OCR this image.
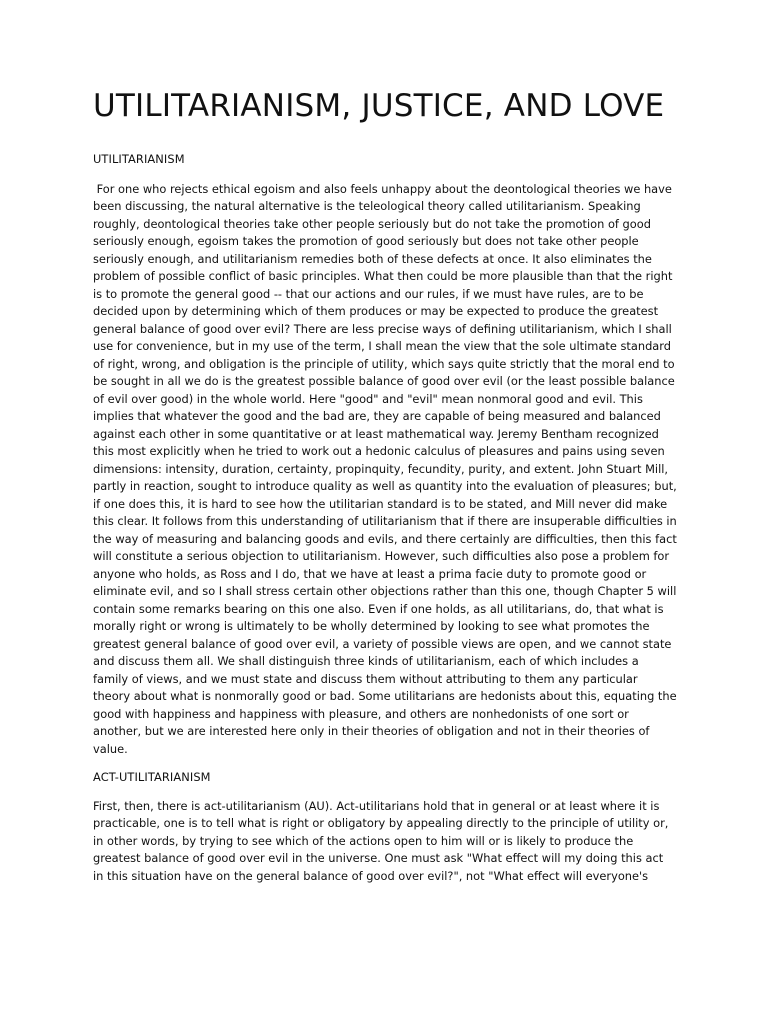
UTILITARIANISM, JUSTICE, AND LOVE
UTILITARIANISM

For one who rejects ethical egoism and also feels unhappy about the deontological theories we have been discussing, the natural alternative is the teleological theory called utilitarianism. Speaking roughly, deontological theories take other people seriously but do not take the promotion of good seriously enough, egoism takes the promotion of good seriously but does not take other people seriously enough, and utilitarianism remedies both of these defects at once. It also eliminates the problem of possible conflict of basic principles. What then could be more plausible than that the right is to promote the general good -- that our actions and our rules, if we must have rules, are to be decided upon by determining which of them produces or may be expected to produce the greatest general balance of good over evil? There are less precise ways of defining utilitarianism, which I shall use for convenience, but in my use of the term, I shall mean the view that the sole ultimate standard of right, wrong, and obligation is the principle of utility, which says quite strictly that the moral end to be sought in all we do is the greatest possible balance of good over evil (or the least possible balance of evil over good) in the whole world. Here "good" and "evil" mean nonmoral good and evil. This implies that whatever the good and the bad are, they are capable of being measured and balanced against each other in some quantitative or at least mathematical way. Jeremy Bentham recognized this most explicitly when he tried to work out a hedonic calculus of pleasures and pains using seven dimensions: intensity, duration, certainty, propinquity, fecundity, purity, and extent. John Stuart Mill, partly in reaction, sought to introduce quality as well as quantity into the evaluation of pleasures; but, if one does this, it is hard to see how the utilitarian standard is to be stated, and Mill never did make this clear. It follows from this understanding of utilitarianism that if there are insuperable difficulties in the way of measuring and balancing goods and evils, and there certainly are difficulties, then this fact will constitute a serious objection to utilitarianism. However, such difficulties also pose a problem for anyone who holds, as Ross and I do, that we have at least a prima facie duty to promote good or eliminate evil, and so I shall stress certain other objections rather than this one, though Chapter 5 will contain some remarks bearing on this one also. Even if one holds, as all utilitarians, do, that what is morally right or wrong is ultimately to be wholly determined by looking to see what promotes the greatest general balance of good over evil, a variety of possible views are open, and we cannot state and discuss them all. We shall distinguish three kinds of utilitarianism, each of which includes a family of views, and we must state and discuss them without attributing to them any particular theory about what is nonmorally good or bad. Some utilitarians are hedonists about this, equating the good with happiness and happiness with pleasure, and others are nonhedonists of one sort or another, but we are interested here only in their theories of obligation and not in their theories of value.

ACT-UTILITARIANISM

First, then, there is act-utilitarianism (AU). Act-utilitarians hold that in general or at least where it is practicable, one is to tell what is right or obligatory by appealing directly to the principle of utility or, in other words, by trying to see which of the actions open to him will or is likely to produce the greatest balance of good over evil in the universe. One must ask "What effect will my doing this act in this situation have on the general balance of good over evil?", not "What effect will everyone's
